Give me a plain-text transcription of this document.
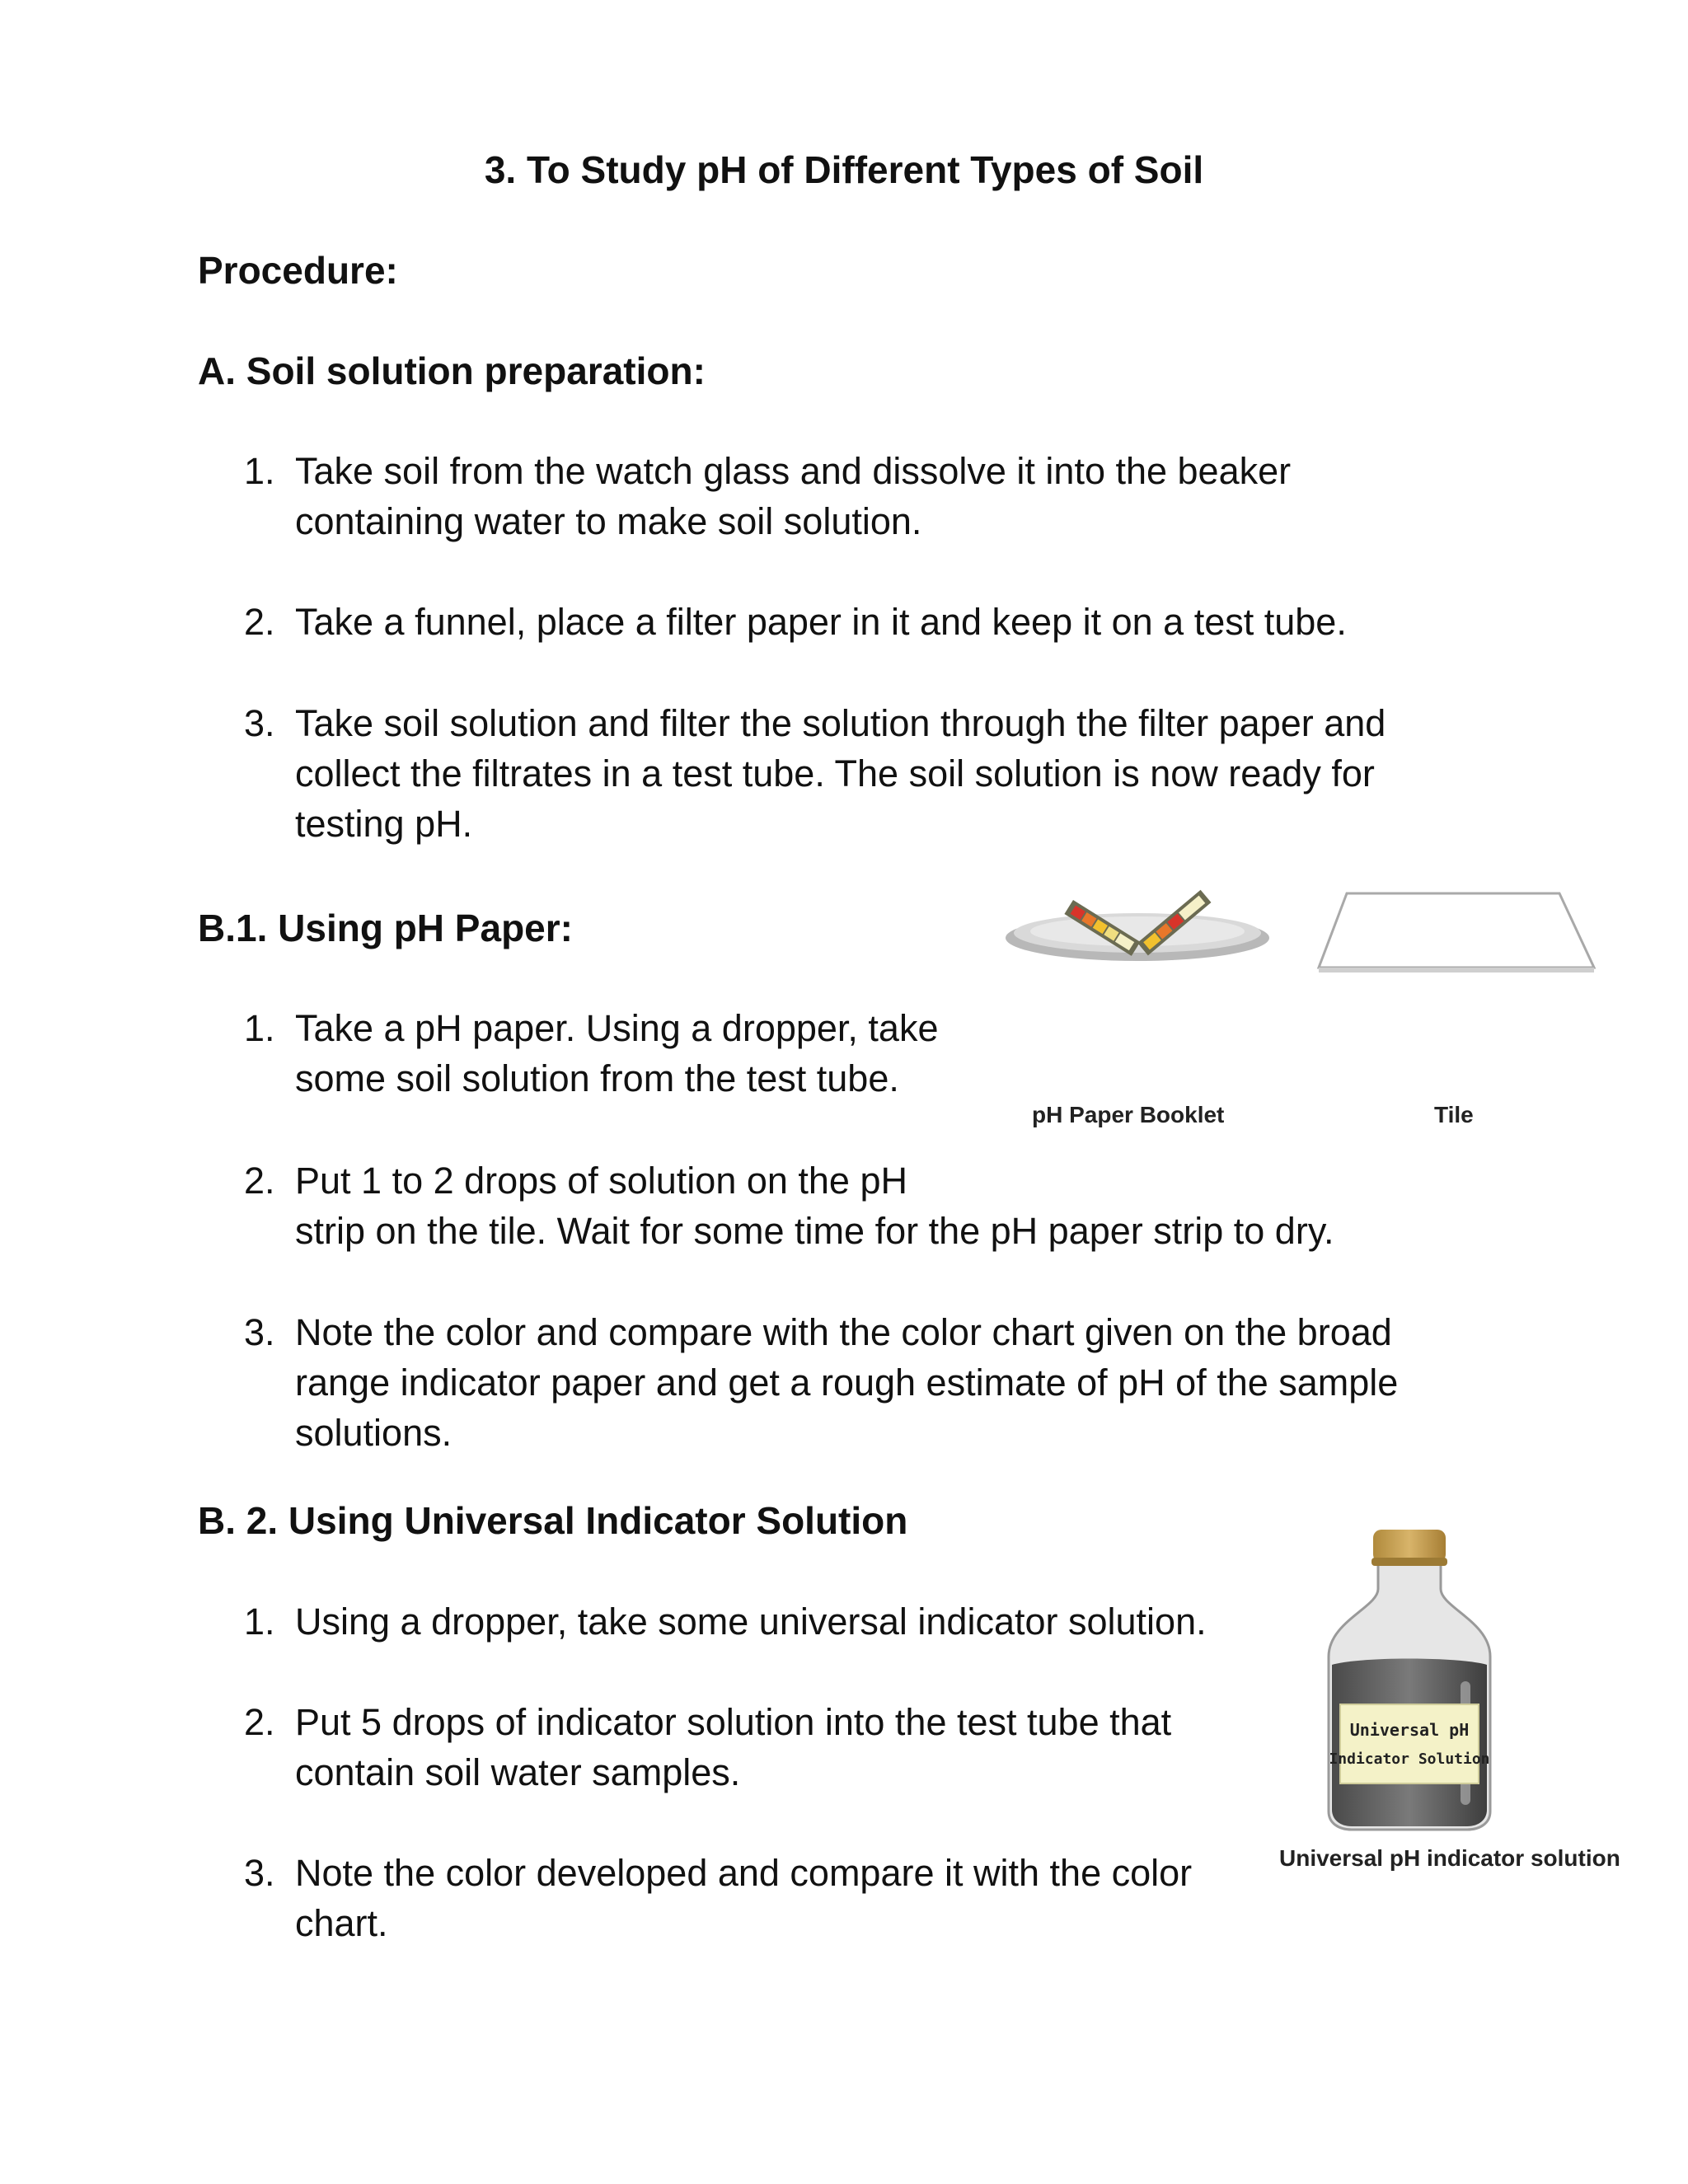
3. To Study pH of Different Types of Soil
Procedure:
A. Soil solution preparation:
1. Take soil from the watch glass and dissolve it into the beaker
containing water to make soil solution.
2. Take a funnel, place a filter paper in it and keep it on a test tube.
3. Take soil solution and filter the solution through the filter paper and
collect the filtrates in a test tube. The soil solution is now ready for
testing pH.
B.1. Using pH Paper:
1. Take a pH paper. Using a dropper, take
some soil solution from the test tube.
2. Put 1 to 2 drops of solution on the pH
strip on the tile. Wait for some time for the pH paper strip to dry.
3. Note the color and compare with the color chart given on the broad
range indicator paper and get a rough estimate of pH of the sample
solutions.
pH Paper Booklet	Tile
B. 2. Using Universal Indicator Solution
1. Using a dropper, take some universal indicator solution.
2. Put 5 drops of indicator solution into the test tube that
contain soil water samples.
3. Note the color developed and compare it with the color
chart.
Universal pH
Indicator Solution
Universal pH indicator solution
